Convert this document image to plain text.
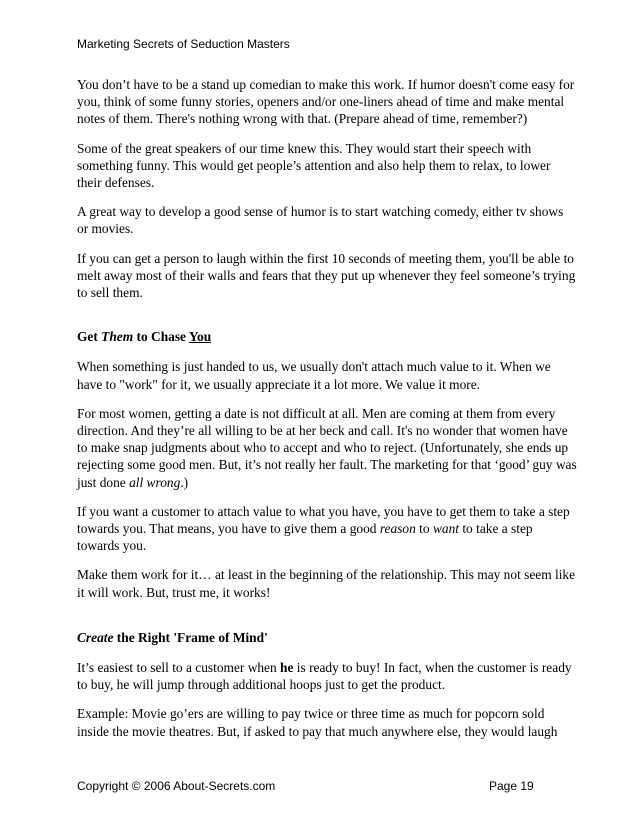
Marketing Secrets of Seduction Masters

You don’t have to be a stand up comedian to make this work. If humor doesn't come easy for you, think of some funny stories, openers and/or one-liners ahead of time and make mental notes of them. There's nothing wrong with that. (Prepare ahead of time, remember?)

Some of the great speakers of our time knew this. They would start their speech with something funny. This would get people’s attention and also help them to relax, to lower their defenses.

A great way to develop a good sense of humor is to start watching comedy, either tv shows or movies.

If you can get a person to laugh within the first 10 seconds of meeting them, you'll be able to melt away most of their walls and fears that they put up whenever they feel someone’s trying to sell them.

Get Them to Chase You

When something is just handed to us, we usually don't attach much value to it. When we have to "work" for it, we usually appreciate it a lot more. We value it more.

For most women, getting a date is not difficult at all. Men are coming at them from every direction. And they’re all willing to be at her beck and call. It's no wonder that women have to make snap judgments about who to accept and who to reject. (Unfortunately, she ends up rejecting some good men. But, it’s not really her fault. The marketing for that ‘good’ guy was just done all wrong.)

If you want a customer to attach value to what you have, you have to get them to take a step towards you. That means, you have to give them a good reason to want to take a step towards you.

Make them work for it… at least in the beginning of the relationship. This may not seem like it will work. But, trust me, it works!

Create the Right 'Frame of Mind'

It’s easiest to sell to a customer when he is ready to buy! In fact, when the customer is ready to buy, he will jump through additional hoops just to get the product.

Example: Movie go’ers are willing to pay twice or three time as much for popcorn sold inside the movie theatres. But, if asked to pay that much anywhere else, they would laugh

Copyright © 2006 About-Secrets.com	Page 19
